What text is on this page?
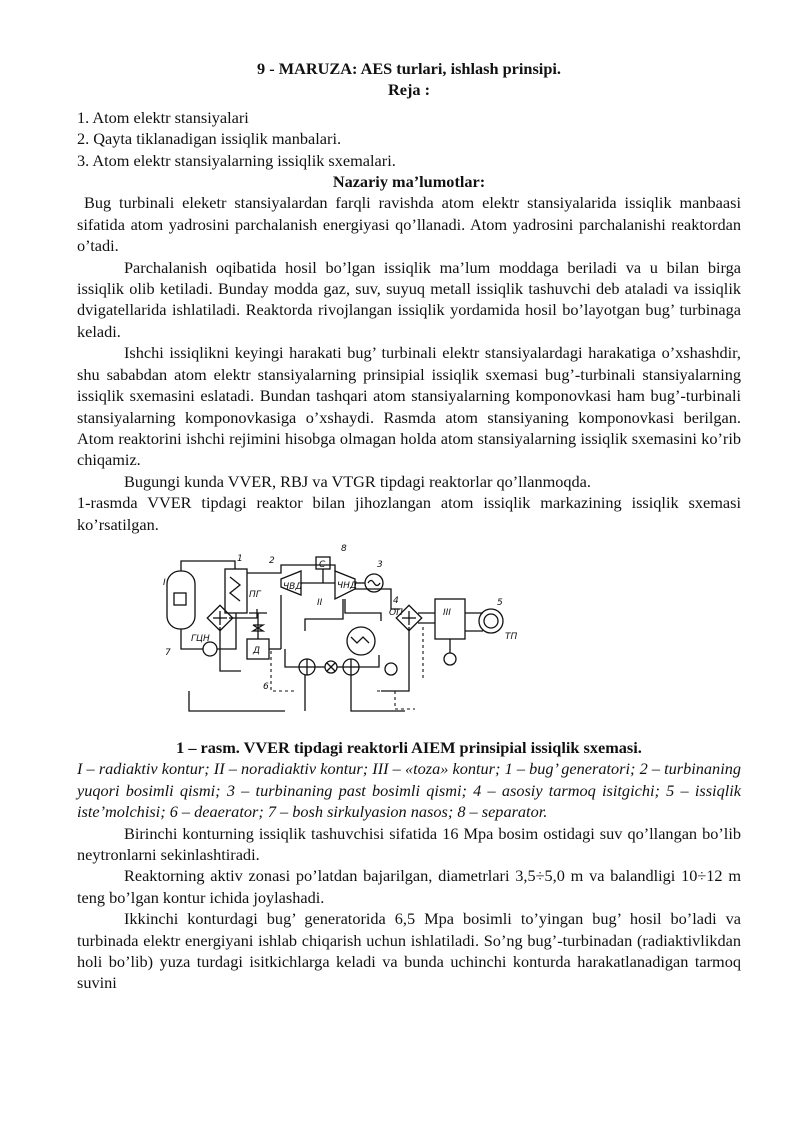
9 - MARUZA: AES turlari, ishlash prinsipi.

Reja :

1. Atom elektr stansiyalari
2. Qayta tiklanadigan issiqlik manbalari.
3. Atom elektr stansiyalarning issiqlik sxemalari.

Nazariy ma’lumotlar:

Bug turbinali eleketr stansiyalardan farqli ravishda atom elektr stansiyalarida issiqlik manbaasi sifatida atom yadrosini parchalanish energiyasi qo’llanadi. Atom yadrosini parchalanishi reaktordan o’tadi.

Parchalanish oqibatida hosil bo’lgan issiqlik ma’lum moddaga beriladi va u bilan birga issiqlik olib ketiladi. Bunday modda gaz, suv, suyuq metall issiqlik tashuvchi deb ataladi va issiqlik dvigatellarida ishlatiladi. Reaktorda rivojlangan issiqlik yordamida hosil bo’layotgan bug’ turbinaga keladi.

Ishchi issiqlikni keyingi harakati bug’ turbinali elektr stansiyalardagi harakatiga o’xshashdir, shu sababdan atom elektr stansiyalarning prinsipial issiqlik sxemasi bug’-turbinali stansiyalarning issiqlik sxemasini eslatadi. Bundan tashqari atom stansiyalarning komponovkasi ham bug’-turbinali stansiyalarning komponovkasiga o’xshaydi. Rasmda atom stansiyaning komponovkasi berilgan. Atom reaktorini ishchi rejimini hisobga olmagan holda atom stansiyalarning issiqlik sxemasini ko’rib chiqamiz.

Bugungi kunda VVER, RBJ va VTGR tipdagi reaktorlar qo’llanmoqda.

1-rasmda VVER tipdagi reaktor bilan jihozlangan atom issiqlik markazining issiqlik sxemasi ko’rsatilgan.

I
1
ПГ
2
ЧВД
С
8
ЧНД
II
3
4
ОП	III
5
ТП
7
ГЦН
Д
6

1 – rasm. VVER tipdagi reaktorli AIEM prinsipial issiqlik sxemasi.

I – radiaktiv kontur; II – noradiaktiv kontur; III – «toza» kontur; 1 – bug’ generatori; 2 – turbinaning yuqori bosimli qismi; 3 – turbinaning past bosimli qismi; 4 – asosiy tarmoq isitgichi; 5 – issiqlik iste’molchisi; 6 – deaerator; 7 – bosh sirkulyasion nasos; 8 – separator.

Birinchi konturning issiqlik tashuvchisi sifatida 16 Mpa bosim ostidagi suv qo’llangan bo’lib neytronlarni sekinlashtiradi.

Reaktorning aktiv zonasi po’latdan bajarilgan, diametrlari 3,5÷5,0 m va balandligi 10÷12 m teng bo’lgan kontur ichida joylashadi.

Ikkinchi konturdagi bug’ generatorida 6,5 Mpa bosimli to’yingan bug’ hosil bo’ladi va turbinada elektr energiyani ishlab chiqarish uchun ishlatiladi. So’ng bug’-turbinadan (radiaktivlikdan holi bo’lib) yuza turdagi isitkichlarga keladi va bunda uchinchi konturda harakatlanadigan tarmoq suvini
